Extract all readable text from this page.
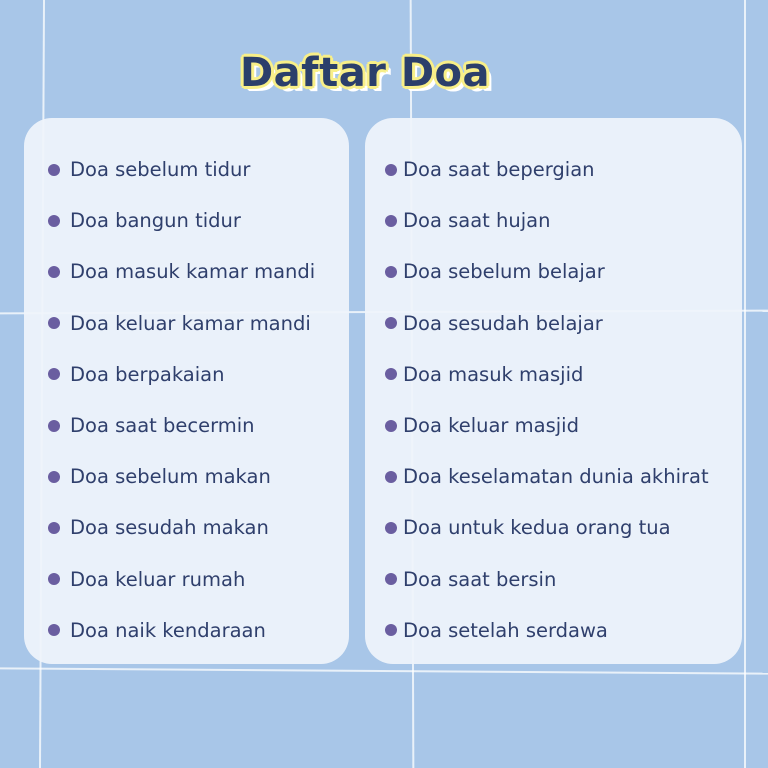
Daftar Doa
Doa sebelum tidur
Doa bangun tidur
Doa masuk kamar mandi
Doa keluar kamar mandi
Doa berpakaian
Doa saat becermin
Doa sebelum makan
Doa sesudah makan
Doa keluar rumah
Doa naik kendaraan
Doa saat bepergian
Doa saat hujan
Doa sebelum belajar
Doa sesudah belajar
Doa masuk masjid
Doa keluar masjid
Doa keselamatan dunia akhirat
Doa untuk kedua orang tua
Doa saat bersin
Doa setelah serdawa
